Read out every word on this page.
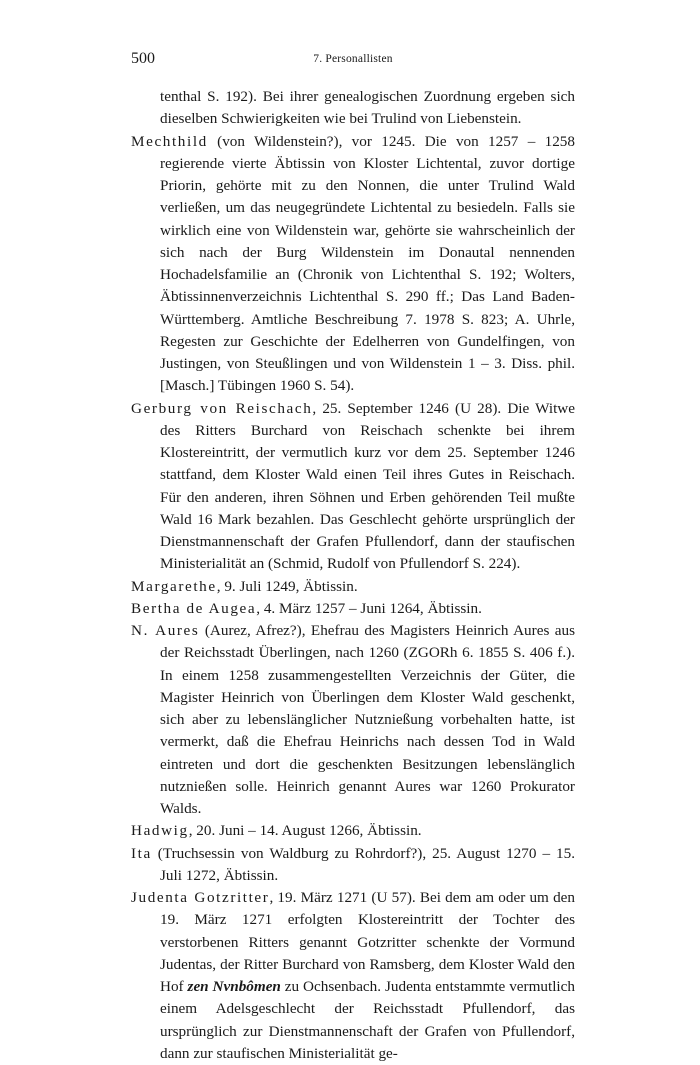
500	7. Personallisten

tenthal S. 192). Bei ihrer genealogischen Zuordnung ergeben sich dieselben Schwierigkeiten wie bei Trulind von Liebenstein.

Mechthild (von Wildenstein?), vor 1245. Die von 1257 – 1258 regierende vierte Äbtissin von Kloster Lichtental, zuvor dortige Priorin, gehörte mit zu den Nonnen, die unter Trulind Wald verließen, um das neugegründete Lichtental zu besiedeln. Falls sie wirklich eine von Wildenstein war, gehörte sie wahrscheinlich der sich nach der Burg Wildenstein im Donautal nennenden Hochadelsfamilie an (Chronik von Lichtenthal S. 192; Wolters, Äbtissinnenverzeichnis Lichtenthal S. 290 ff.; Das Land Baden-Württemberg. Amtliche Beschreibung 7. 1978 S. 823; A. Uhrle, Regesten zur Geschichte der Edelherren von Gundelfingen, von Justingen, von Steußlingen und von Wildenstein 1 – 3. Diss. phil. [Masch.] Tübingen 1960 S. 54).

Gerburg von Reischach, 25. September 1246 (U 28). Die Witwe des Ritters Burchard von Reischach schenkte bei ihrem Klostereintritt, der vermutlich kurz vor dem 25. September 1246 stattfand, dem Kloster Wald einen Teil ihres Gutes in Reischach. Für den anderen, ihren Söhnen und Erben gehörenden Teil mußte Wald 16 Mark bezahlen. Das Geschlecht gehörte ursprünglich der Dienstmannenschaft der Grafen Pfullendorf, dann der staufischen Ministerialität an (Schmid, Rudolf von Pfullendorf S. 224).

Margarethe, 9. Juli 1249, Äbtissin.

Bertha de Augea, 4. März 1257 – Juni 1264, Äbtissin.

N. Aures (Aurez, Afrez?), Ehefrau des Magisters Heinrich Aures aus der Reichsstadt Überlingen, nach 1260 (ZGORh 6. 1855 S. 406 f.). In einem 1258 zusammengestellten Verzeichnis der Güter, die Magister Heinrich von Überlingen dem Kloster Wald geschenkt, sich aber zu lebenslänglicher Nutznießung vorbehalten hatte, ist vermerkt, daß die Ehefrau Heinrichs nach dessen Tod in Wald eintreten und dort die geschenkten Besitzungen lebenslänglich nutznießen solle. Heinrich genannt Aures war 1260 Prokurator Walds.

Hadwig, 20. Juni – 14. August 1266, Äbtissin.

Ita (Truchsessin von Waldburg zu Rohrdorf?), 25. August 1270 – 15. Juli 1272, Äbtissin.

Judenta Gotzritter, 19. März 1271 (U 57). Bei dem am oder um den 19. März 1271 erfolgten Klostereintritt der Tochter des verstorbenen Ritters genannt Gotzritter schenkte der Vormund Judentas, der Ritter Burchard von Ramsberg, dem Kloster Wald den Hof zen Nvnbômen zu Ochsenbach. Judenta entstammte vermutlich einem Adelsgeschlecht der Reichsstadt Pfullendorf, das ursprünglich zur Dienstmannenschaft der Grafen von Pfullendorf, dann zur staufischen Ministerialität ge-
